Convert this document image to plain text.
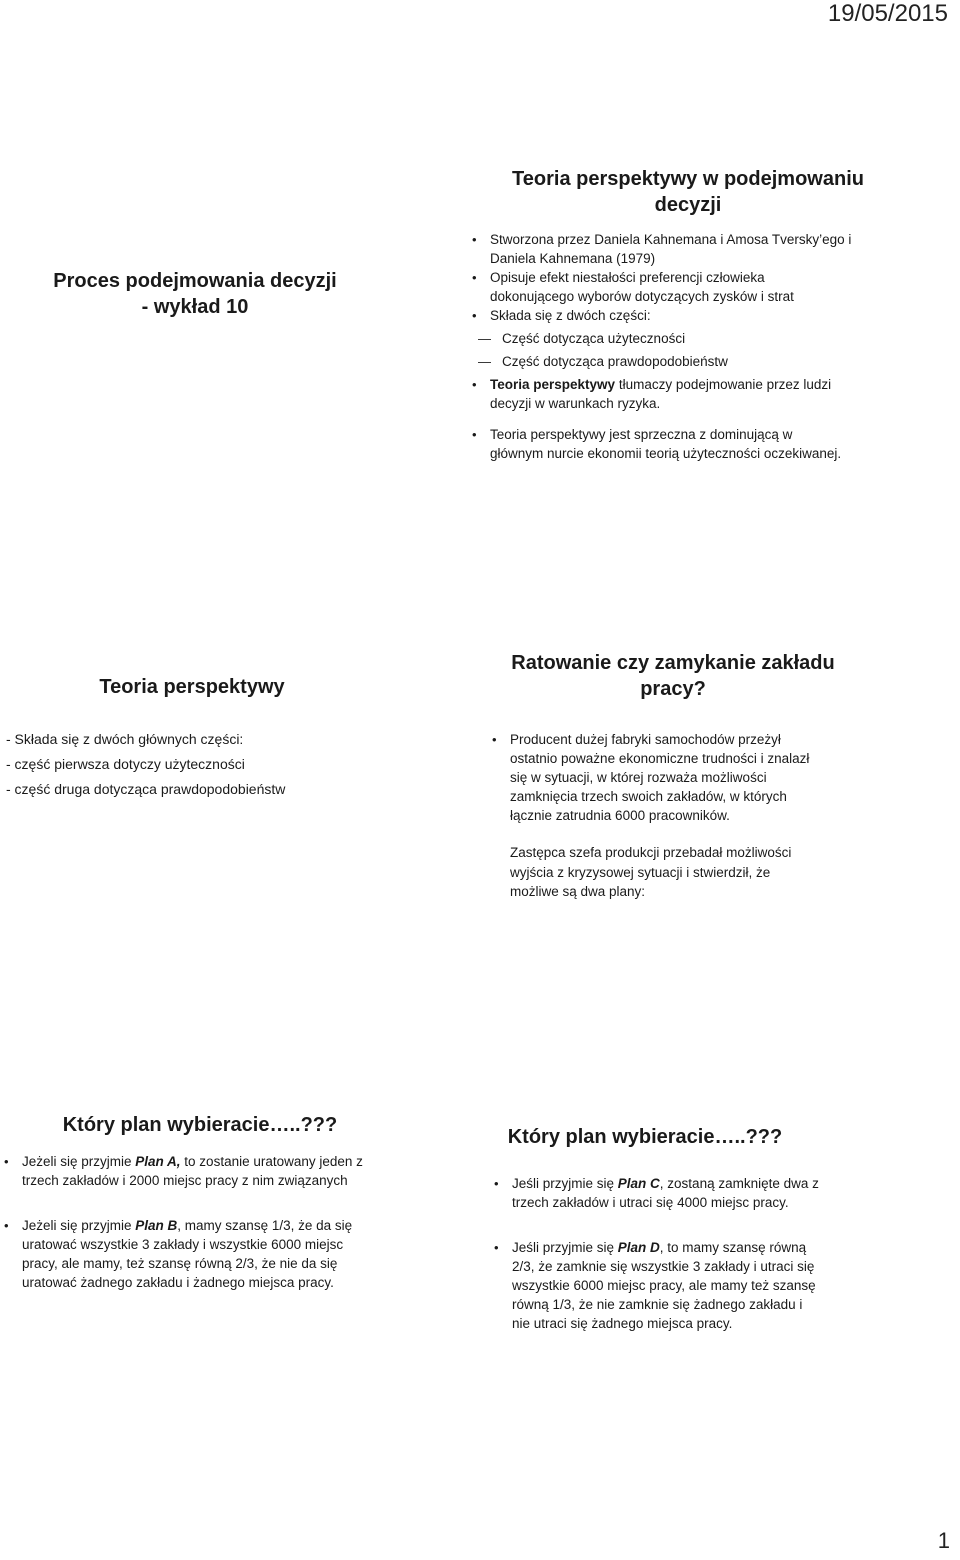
19/05/2015
1
Proces podejmowania decyzji
- wykład 10
Teoria perspektywy w podejmowaniu
decyzji
• Stworzona przez Daniela Kahnemana i Amosa Tversky’ego i
Daniela Kahnemana (1979)
• Opisuje efekt niestałości preferencji człowieka
dokonującego wyborów dotyczących zysków i strat
• Składa się z dwóch części:
— Część dotycząca użyteczności
— Część dotycząca prawdopodobieństw
• Teoria perspektywy tłumaczy podejmowanie przez ludzi
decyzji w warunkach ryzyka.
• Teoria perspektywy jest sprzeczna z dominującą w
głównym nurcie ekonomii teorią użyteczności oczekiwanej.
Teoria perspektywy
- Składa się z dwóch głównych części:
- część pierwsza dotyczy użyteczności
- część druga dotycząca prawdopodobieństw
Ratowanie czy zamykanie zakładu
pracy?
• Producent dużej fabryki samochodów przeżył
ostatnio poważne ekonomiczne trudności i znalazł
się w sytuacji, w której rozważa możliwości
zamknięcia trzech swoich zakładów, w których
łącznie zatrudnia 6000 pracowników.

Zastępca szefa produkcji przebadał możliwości

wyjścia z kryzysowej sytuacji i stwierdził, że

możliwe są dwa plany:

Który plan wybieracie…..???
• Jeżeli się przyjmie Plan A, to zostanie uratowany jeden z
trzech zakładów i 2000 miejsc pracy z nim związanych
• Jeżeli się przyjmie Plan B, mamy szansę 1/3, że da się
uratować wszystkie 3 zakłady i wszystkie 6000 miejsc
pracy, ale mamy, też szansę równą 2/3, że nie da się
uratować żadnego zakładu i żadnego miejsca pracy.
Który plan wybieracie…..???
• Jeśli przyjmie się Plan C, zostaną zamknięte dwa z
trzech zakładów i utraci się 4000 miejsc pracy.
• Jeśli przyjmie się Plan D, to mamy szansę równą
2/3, że zamknie się wszystkie 3 zakłady i utraci się
wszystkie 6000 miejsc pracy, ale mamy też szansę
równą 1/3, że nie zamknie się żadnego zakładu i
nie utraci się żadnego miejsca pracy.
